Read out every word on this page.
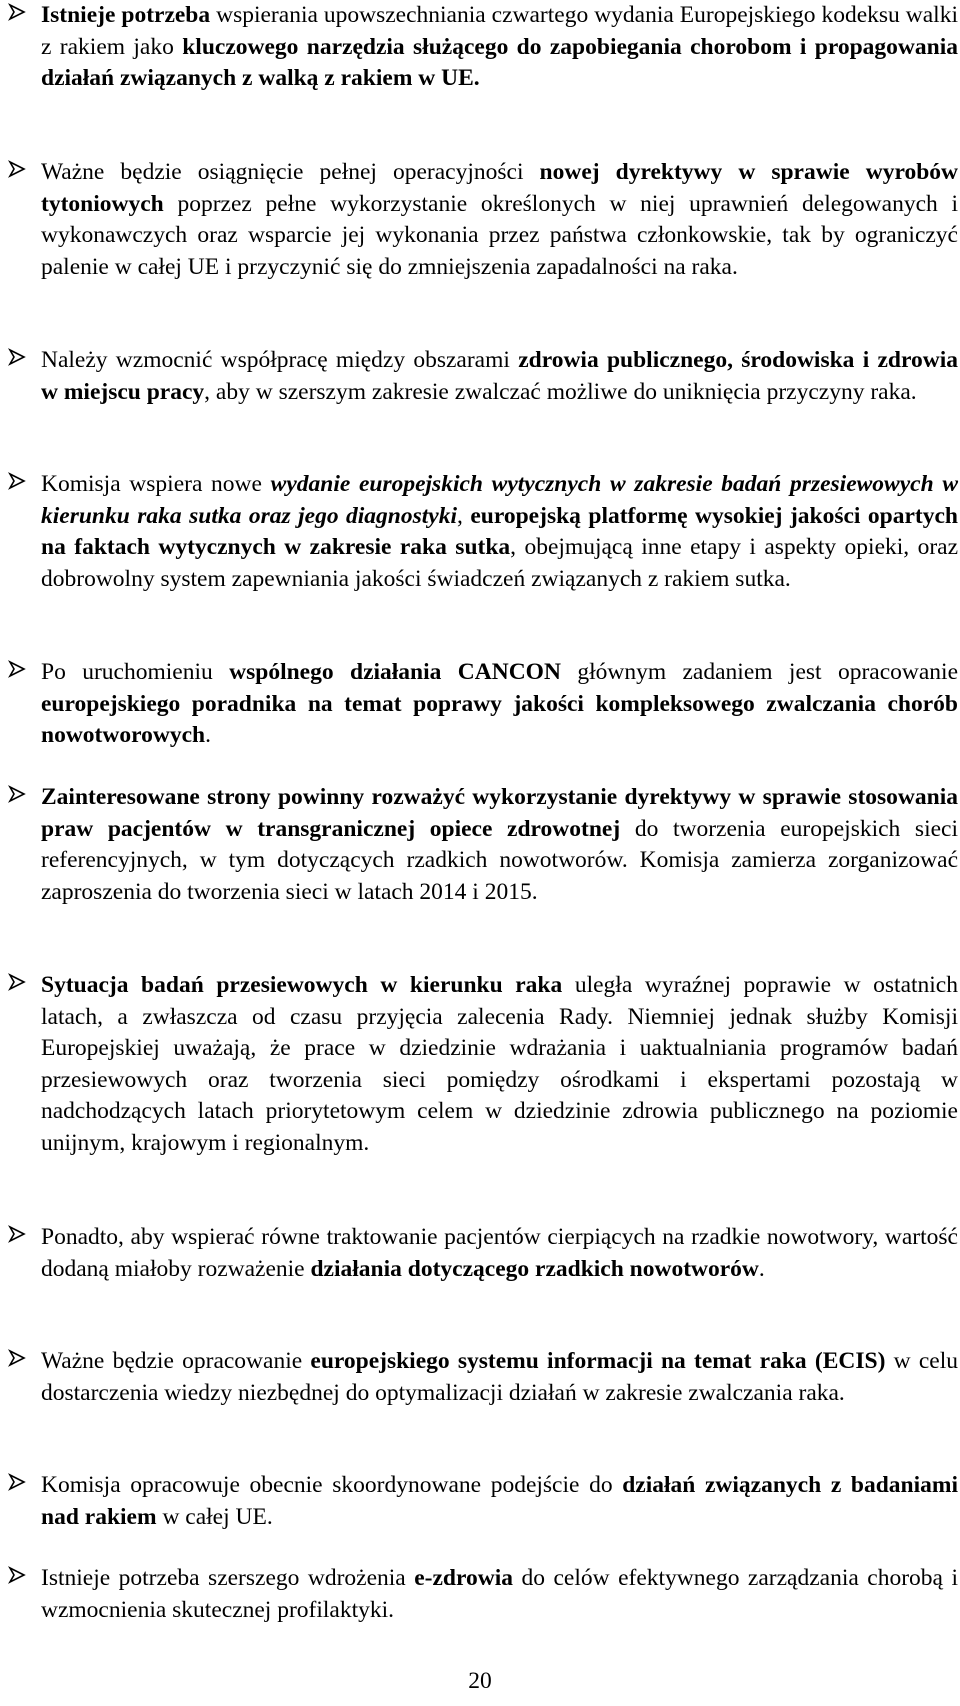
Istnieje potrzeba wspierania upowszechniania czwartego wydania Europejskiego kodeksu walki z rakiem jako kluczowego narzędzia służącego do zapobiegania chorobom i propagowania działań związanych z walką z rakiem w UE.

Ważne będzie osiągnięcie pełnej operacyjności nowej dyrektywy w sprawie wyrobów tytoniowych poprzez pełne wykorzystanie określonych w niej uprawnień delegowanych i wykonawczych oraz wsparcie jej wykonania przez państwa członkowskie, tak by ograniczyć palenie w całej UE i przyczynić się do zmniejszenia zapadalności na raka.

Należy wzmocnić współpracę między obszarami zdrowia publicznego, środowiska i zdrowia w miejscu pracy, aby w szerszym zakresie zwalczać możliwe do uniknięcia przyczyny raka.

Komisja wspiera nowe wydanie europejskich wytycznych w zakresie badań przesiewowych w kierunku raka sutka oraz jego diagnostyki, europejską platformę wysokiej jakości opartych na faktach wytycznych w zakresie raka sutka, obejmującą inne etapy i aspekty opieki, oraz dobrowolny system zapewniania jakości świadczeń związanych z rakiem sutka.

Po uruchomieniu wspólnego działania CANCON głównym zadaniem jest opracowanie europejskiego poradnika na temat poprawy jakości kompleksowego zwalczania chorób nowotworowych.

Zainteresowane strony powinny rozważyć wykorzystanie dyrektywy w sprawie stosowania praw pacjentów w transgranicznej opiece zdrowotnej do tworzenia europejskich sieci referencyjnych, w tym dotyczących rzadkich nowotworów. Komisja zamierza zorganizować zaproszenia do tworzenia sieci w latach 2014 i 2015.

Sytuacja badań przesiewowych w kierunku raka uległa wyraźnej poprawie w ostatnich latach, a zwłaszcza od czasu przyjęcia zalecenia Rady. Niemniej jednak służby Komisji Europejskiej uważają, że prace w dziedzinie wdrażania i uaktualniania programów badań przesiewowych oraz tworzenia sieci pomiędzy ośrodkami i ekspertami pozostają w nadchodzących latach priorytetowym celem w dziedzinie zdrowia publicznego na poziomie unijnym, krajowym i regionalnym.

Ponadto, aby wspierać równe traktowanie pacjentów cierpiących na rzadkie nowotwory, wartość dodaną miałoby rozważenie działania dotyczącego rzadkich nowotworów.

Ważne będzie opracowanie europejskiego systemu informacji na temat raka (ECIS) w celu dostarczenia wiedzy niezbędnej do optymalizacji działań w zakresie zwalczania raka.

Komisja opracowuje obecnie skoordynowane podejście do działań związanych z badaniami nad rakiem w całej UE.

Istnieje potrzeba szerszego wdrożenia e-zdrowia do celów efektywnego zarządzania chorobą i wzmocnienia skutecznej profilaktyki.

20
